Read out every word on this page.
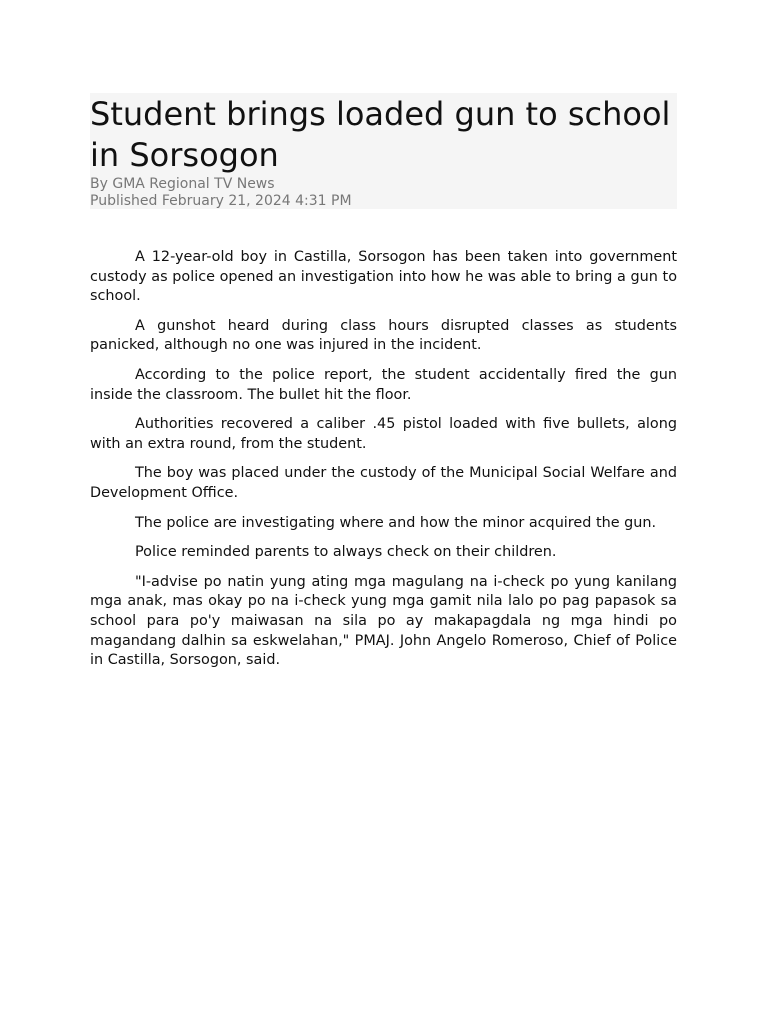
Student brings loaded gun to school in Sorsogon
By GMA Regional TV News
Published February 21, 2024 4:31 PM

A 12-year-old boy in Castilla, Sorsogon has been taken into government custody as police opened an investigation into how he was able to bring a gun to school.

A gunshot heard during class hours disrupted classes as students panicked, although no one was injured in the incident.

According to the police report, the student accidentally fired the gun inside the classroom. The bullet hit the floor.

Authorities recovered a caliber .45 pistol loaded with five bullets, along with an extra round, from the student.

The boy was placed under the custody of the Municipal Social Welfare and Development Office.

The police are investigating where and how the minor acquired the gun.

Police reminded parents to always check on their children.

"I-advise po natin yung ating mga magulang na i-check po yung kanilang mga anak, mas okay po na i-check yung mga gamit nila lalo po pag papasok sa school para po'y maiwasan na sila po ay makapagdala ng mga hindi po magandang dalhin sa eskwelahan," PMAJ. John Angelo Romeroso, Chief of Police in Castilla, Sorsogon, said.
